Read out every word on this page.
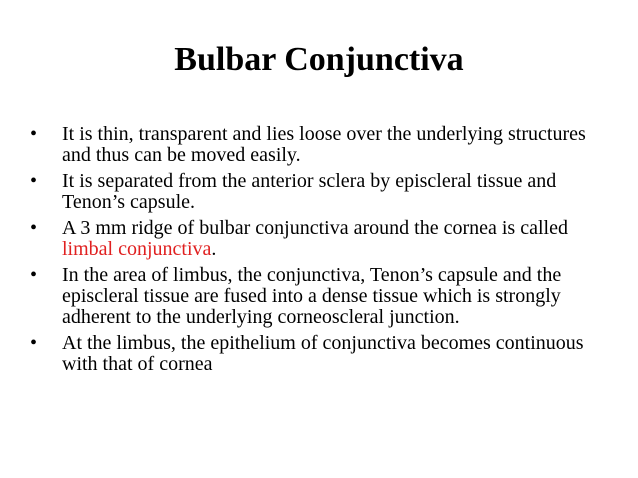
Bulbar Conjunctiva
•	It is thin, transparent and lies loose over the underlying structures and thus can be moved easily.
•	It is separated from the anterior sclera by episcleral tissue and Tenon’s capsule.
•	A 3 mm ridge of bulbar conjunctiva around the cornea is called limbal conjunctiva.
•	In the area of limbus, the conjunctiva, Tenon’s capsule and the episcleral tissue are fused into a dense tissue which is strongly adherent to the underlying corneoscleral junction.
•	At the limbus, the epithelium of conjunctiva becomes continuous with that of cornea
